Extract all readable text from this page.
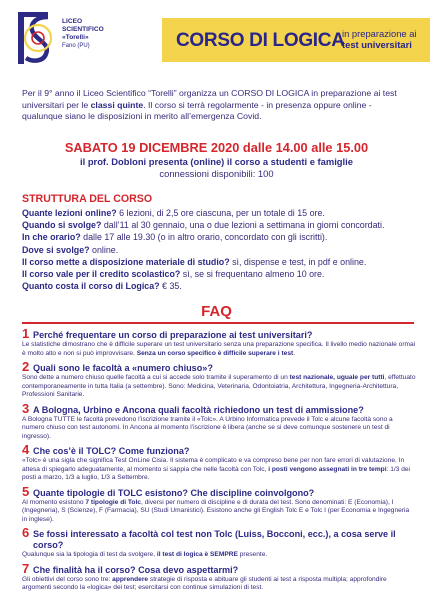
LICEO
SCIENTIFICO
«Torelli»
Fano (PU)	CORSO DI LOGICA
in preparazione ai
test universitari
Per il 9° anno il Liceo Scientifico “Torelli” organizza un CORSO DI LOGICA in preparazione ai test universitari per le classi quinte. Il corso si terrà regolarmente - in presenza oppure online - qualunque siano le disposizioni in merito all’emergenza Covid.
SABATO 19 DICEMBRE 2020 dalle 14.00 alle 15.00
il prof. Dobloni presenta (online) il corso a studenti e famiglie
connessioni disponibili: 100
STRUTTURA DEL CORSO
Quante lezioni online? 6 lezioni, di 2,5 ore ciascuna, per un totale di 15 ore.
Quando si svolge? dall’11 al 30 gennaio, una o due lezioni a settimana in giorni concordati.
In che orario? dalle 17 alle 19.30 (o in altro orario, concordato con gli iscritti).
Dove si svolge? online.
Il corso mette a disposizione materiale di studio? sì, dispense e test, in pdf e online.
Il corso vale per il credito scolastico? sì, se si frequentano almeno 10 ore.
Quanto costa il corso di Logica? € 35.
FAQ
1 Perché frequentare un corso di preparazione ai test universitari?
Le statistiche dimostrano che è difficile superare un test universitario senza una preparazione specifica. Il livello medio nazionale ormai è molto alto e non si può improvvisare. Senza un corso specifico è difficile superare i test.
2 Quali sono le facoltà a «numero chiuso»?
Sono dette a numero chiuso quelle facoltà a cui si accede solo tramite il superamento di un test nazionale, uguale per tutti, effettuato contemporaneamente in tutta Italia (a settembre). Sono: Medicina, Veterinaria, Odontoiatria, Architettura, Ingegneria-Architettura, Professioni Sanitarie.
3 A Bologna, Urbino e Ancona quali facoltà richiedono un test di ammissione?
A Bologna TUTTE le facoltà prevedono l’iscrizione tramite il «Tolc». A Urbino Informatica prevede il Tolc e alcune facoltà sono a numero chiuso con test autonomi. In Ancona al momento l’iscrizione è libera (anche se si deve comunque sostenere un test di ingresso).
4 Che cos’è il TOLC? Come funziona?
«Tolc» è una sigla che significa Test OnLine Cisia. Il sistema è complicato e va compreso bene per non fare errori di valutazione. In attesa di spiegarlo adeguatamente, al momento si sappia che nelle facoltà con Tolc, i posti vengono assegnati in tre tempi: 1/3 dei posti a marzo, 1/3 a luglio, 1/3 a Settembre.
5 Quante tipologie di TOLC esistono? Che discipline coinvolgono?
Al momento esistono 7 tipologie di Tolc, diversi per numero di discipline e di durata del test. Sono denominati: E (Economia), I (Ingegneria), S (Scienze), F (Farmacia), SU (Studi Umanistici). Esistono anche gli English Tolc E e Tolc I (per Economia e Ingegneria in inglese).
6 Se fossi interessato a facoltà col test non Tolc (Luiss, Bocconi, ecc.), a cosa serve il corso?
Qualunque sia la tipologia di test da svolgere, il test di logica è SEMPRE presente.
7 Che finalità ha il corso? Cosa devo aspettarmi?
Gli obiettivi del corso sono tre: apprendere strategie di risposta e abituare gli studenti ai test a risposta multipla; approfondire argomenti secondo la «logica» dei test; esercitarsi con continue simulazioni di test.
